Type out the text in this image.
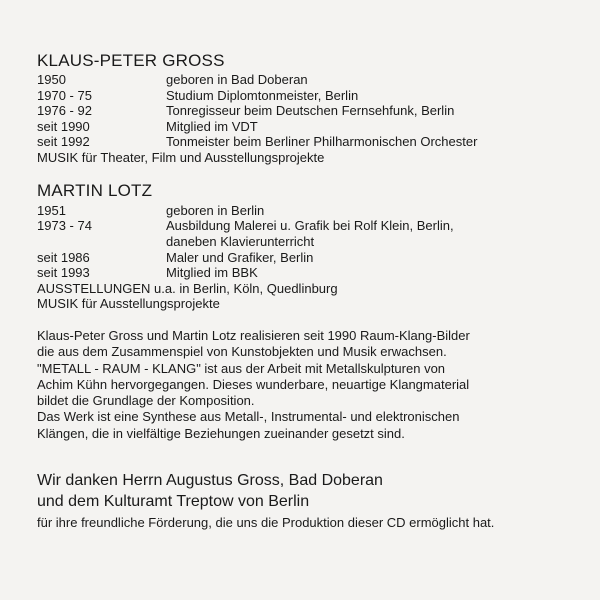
KLAUS-PETER GROSS
1950	geboren in Bad Doberan
1970 - 75	Studium Diplomtonmeister, Berlin
1976 - 92	Tonregisseur beim Deutschen Fernsehfunk, Berlin
seit 1990	Mitglied im VDT
seit 1992	Tonmeister beim Berliner Philharmonischen Orchester
MUSIK für Theater, Film und Ausstellungsprojekte
MARTIN LOTZ
1951	geboren in Berlin
1973 - 74	Ausbildung Malerei u. Grafik bei Rolf Klein, Berlin,
daneben Klavierunterricht
seit 1986	Maler und Grafiker, Berlin
seit 1993	Mitglied im BBK
AUSSTELLUNGEN u.a. in Berlin, Köln, Quedlinburg
MUSIK für Ausstellungsprojekte
Klaus-Peter Gross und Martin Lotz realisieren seit 1990 Raum-Klang-Bilder
die aus dem Zusammenspiel von Kunstobjekten und Musik erwachsen.
"METALL - RAUM - KLANG" ist aus der Arbeit mit Metallskulpturen von
Achim Kühn hervorgegangen. Dieses wunderbare, neuartige Klangmaterial
bildet die Grundlage der Komposition.
Das Werk ist eine Synthese aus Metall-, Instrumental- und elektronischen
Klängen, die in vielfältige Beziehungen zueinander gesetzt sind.
Wir danken Herrn Augustus Gross, Bad Doberan
und dem Kulturamt Treptow von Berlin
für ihre freundliche Förderung, die uns die Produktion dieser CD ermöglicht hat.
